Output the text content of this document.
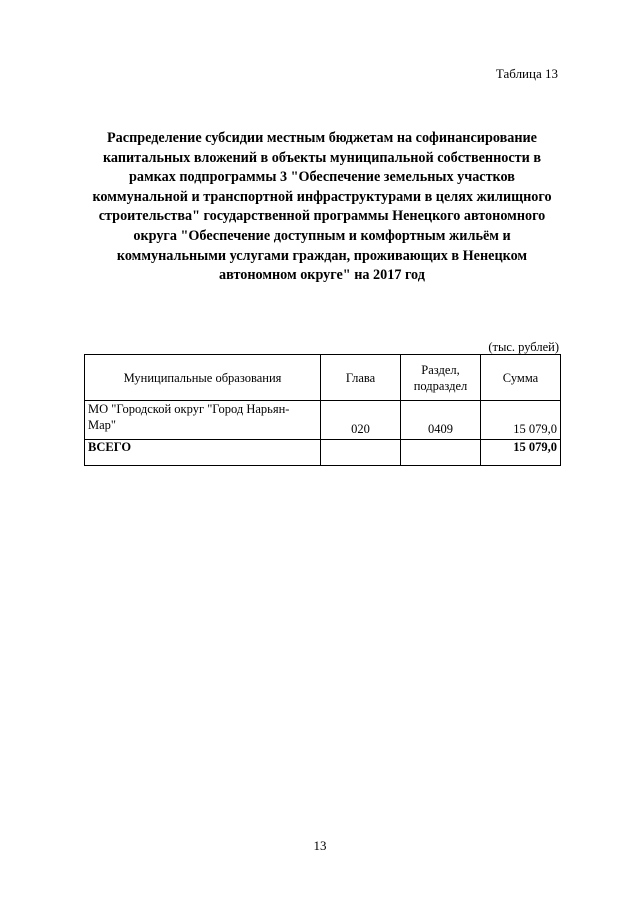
Таблица 13
Распределение субсидии местным бюджетам на софинансирование капитальных вложений в объекты муниципальной собственности в рамках подпрограммы 3 "Обеспечение земельных участков коммунальной и транспортной инфраструктурами в целях жилищного строительства" государственной программы Ненецкого автономного округа "Обеспечение доступным и комфортным жильём и коммунальными услугами граждан, проживающих в Ненецком автономном округе" на 2017 год
(тыс. рублей)
Муниципальные образования	Глава	Раздел, подраздел	Сумма
МО "Городской округ "Город Нарьян-Мар"	020	0409	15 079,0
ВСЕГО			15 079,0
13
